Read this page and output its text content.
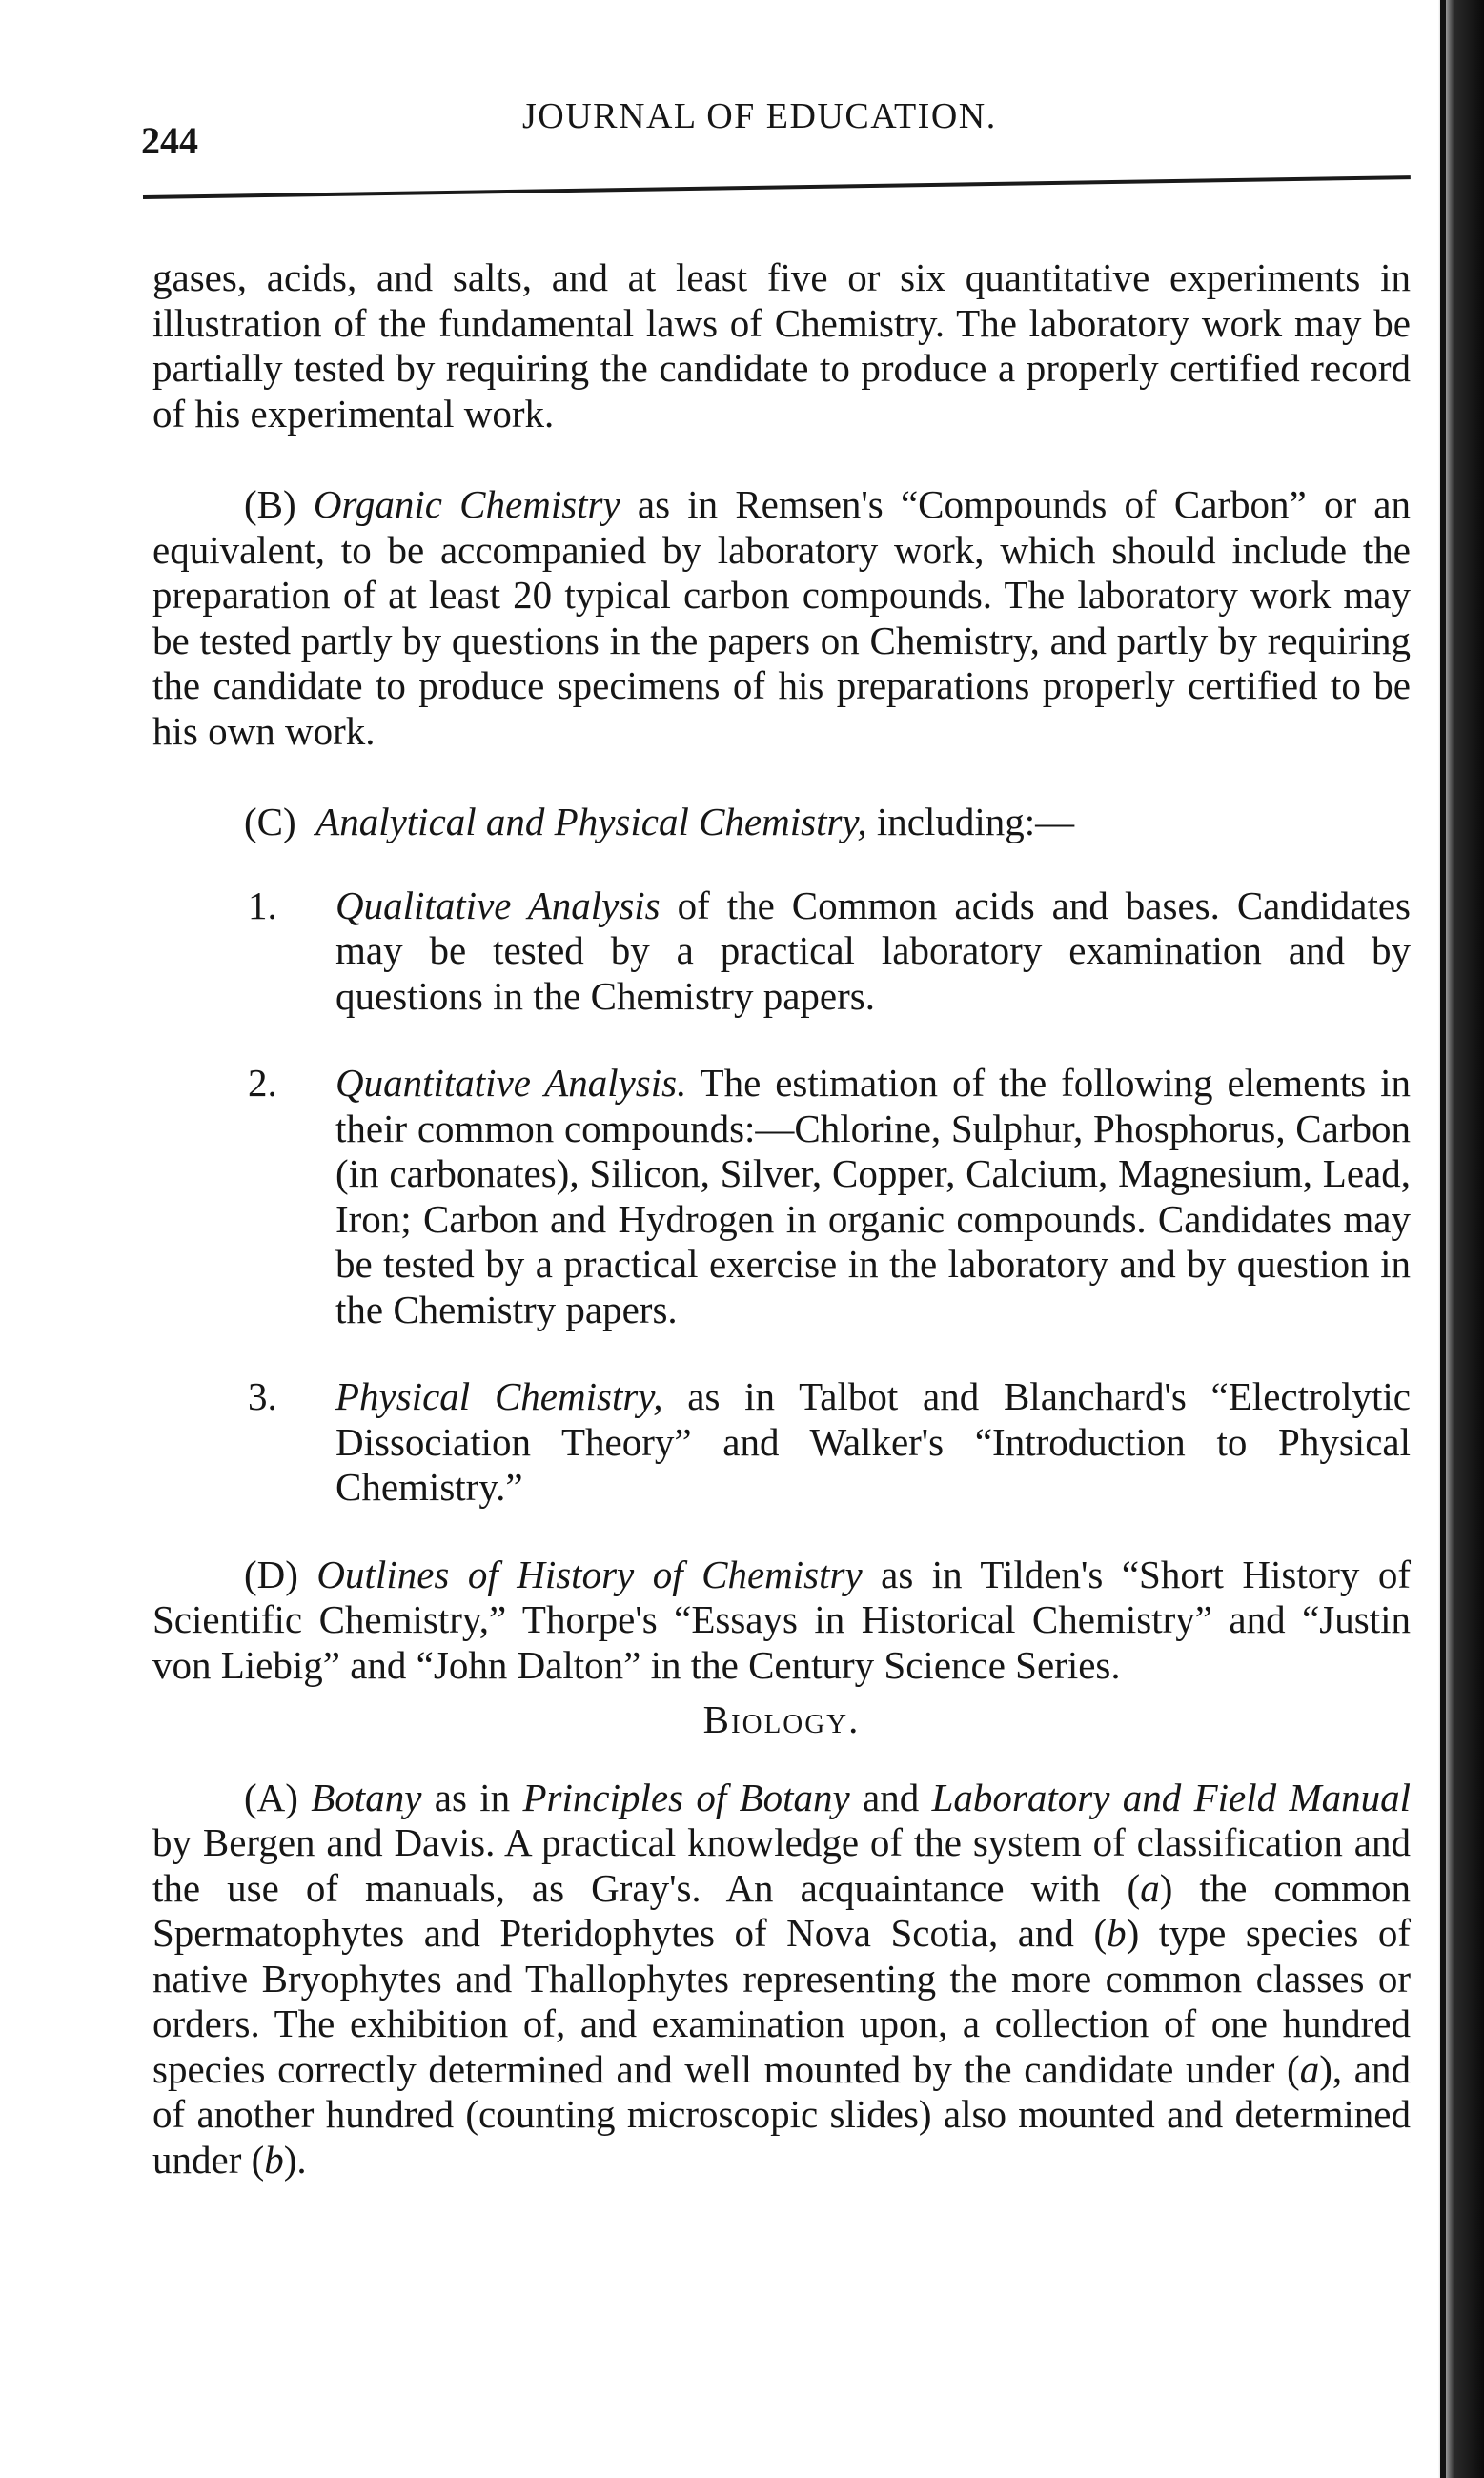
244
JOURNAL OF EDUCATION.

gases, acids, and salts, and at least five or six quantitative experiments in illustration of the fundamental laws of Chemistry. The laboratory work may be partially tested by requiring the candidate to produce a properly certified record of his experimental work.

(B) Organic Chemistry as in Remsen's “Compounds of Carbon” or an equivalent, to be accompanied by laboratory work, which should include the preparation of at least 20 typical carbon compounds. The laboratory work may be tested partly by questions in the papers on Chemistry, and partly by requiring the candidate to produce specimens of his preparations properly certified to be his own work.

(C) Analytical and Physical Chemistry, including:—

1.	Qualitative Analysis of the Common acids and bases. Candidates may be tested by a practical laboratory examination and by questions in the Chemistry papers.
2.	Quantitative Analysis. The estimation of the following elements in their common compounds:—Chlorine, Sulphur, Phosphorus, Carbon (in carbonates), Silicon, Silver, Copper, Calcium, Magnesium, Lead, Iron; Carbon and Hydrogen in organic compounds. Candidates may be tested by a practical exercise in the laboratory and by question in the Chemistry papers.
3.	Physical Chemistry, as in Talbot and Blanchard's “Electrolytic Dissociation Theory” and Walker's “Introduction to Physical Chemistry.”

(D) Outlines of History of Chemistry as in Tilden's “Short History of Scientific Chemistry,” Thorpe's “Essays in Historical Chemistry” and “Justin von Liebig” and “John Dalton” in the Century Science Series.

Biology.

(A) Botany as in Principles of Botany and Laboratory and Field Manual by Bergen and Davis. A practical knowledge of the system of classification and the use of manuals, as Gray's. An acquaintance with (a) the common Spermatophytes and Pteridophytes of Nova Scotia, and (b) type species of native Bryophytes and Thallophytes representing the more common classes or orders. The exhibition of, and examination upon, a collection of one hundred species correctly determined and well mounted by the candidate under (a), and of another hundred (counting microscopic slides) also mounted and determined under (b).
